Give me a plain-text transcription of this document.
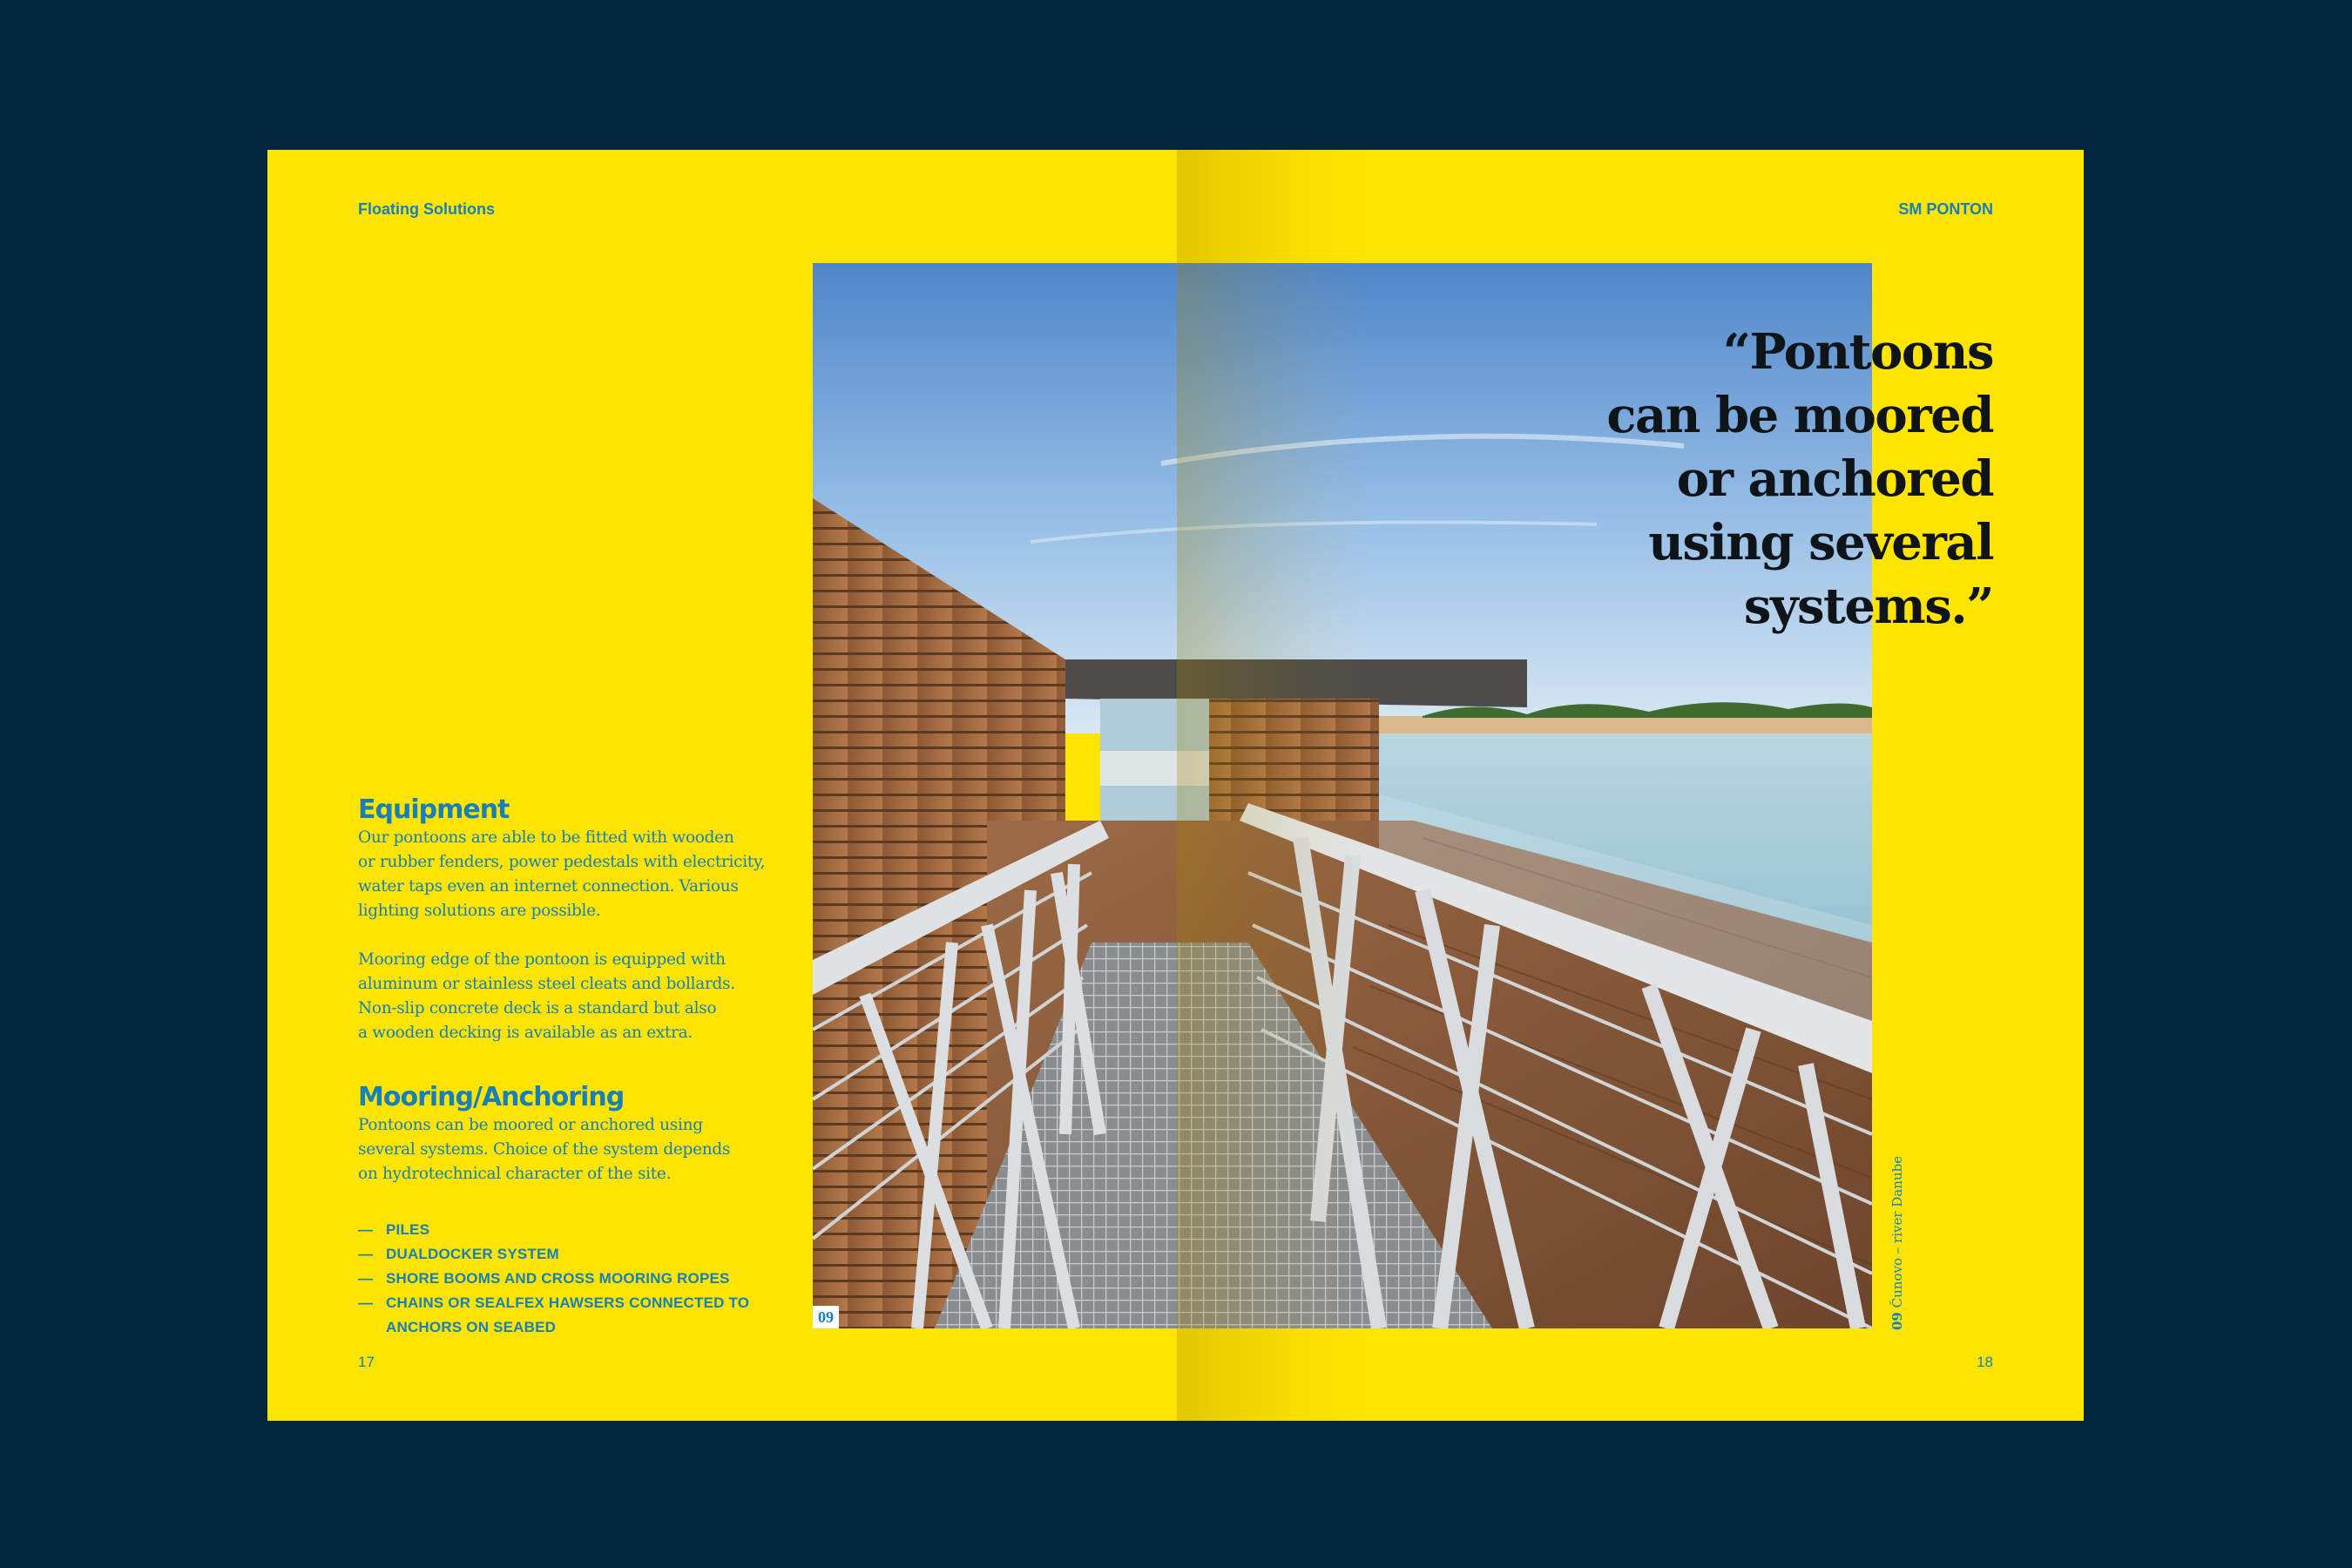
Floating Solutions	SM PONTON
Equipment

Our pontoons are able to be fitted with wooden
or rubber fenders, power pedestals with electricity,
water taps even an internet connection. Various
lighting solutions are possible.

Mooring edge of the pontoon is equipped with
aluminum or stainless steel cleats and bollards.
Non-slip concrete deck is a standard but also
a wooden decking is available as an extra.

Mooring/Anchoring

Pontoons can be moored or anchored using
several systems. Choice of the system depends
on hydrotechnical character of the site.

— PILES
— DUALDOCKER SYSTEM
— SHORE BOOMS AND CROSS MOORING ROPES
— CHAINS OR SEALFEX HAWSERS CONNECTED TO ANCHORS ON SEABED
09
“Pontoons
can be moored
or anchored
using several
systems.”
09 Čunovo – river Danube
17	18
